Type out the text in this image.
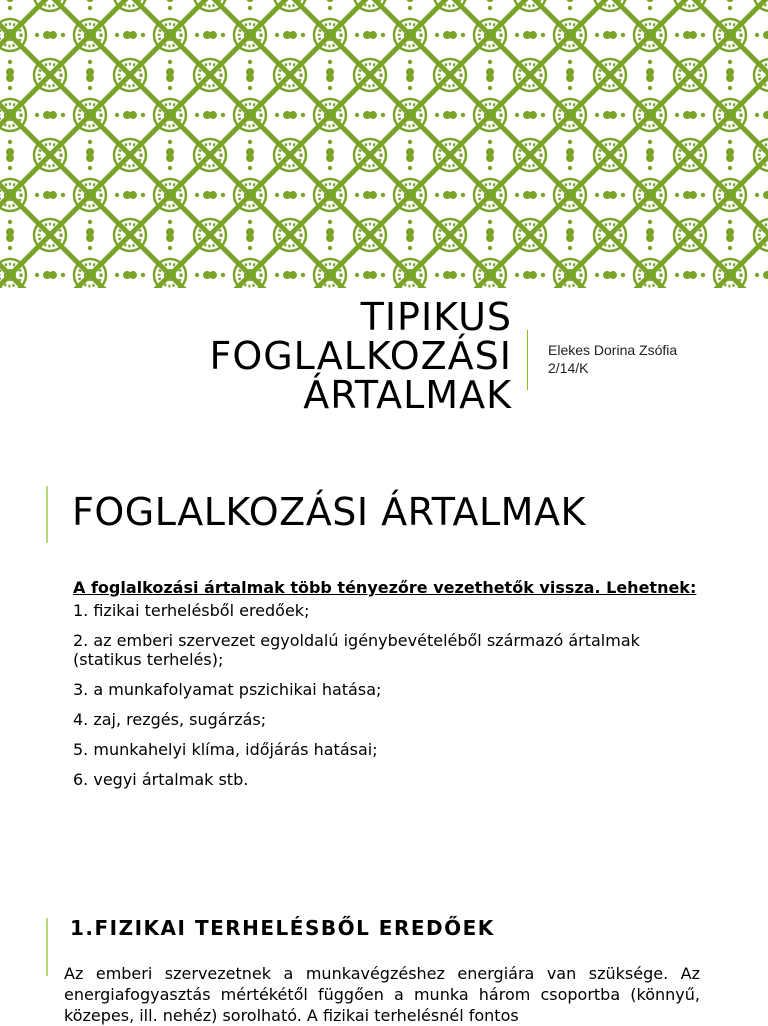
TIPIKUS
FOGLALKOZÁSI
ÁRTALMAK
Elekes Dorina Zsófia
2/14/K
FOGLALKOZÁSI ÁRTALMAK

A foglalkozási ártalmak több tényezőre vezethetők vissza. Lehetnek:

1. fizikai terhelésből eredőek;
2. az emberi szervezet egyoldalú igénybevételéből származó ártalmak (statikus terhelés);
3. a munkafolyamat pszichikai hatása;
4. zaj, rezgés, sugárzás;
5. munkahelyi klíma, időjárás hatásai;
6. vegyi ártalmak stb.
1.FIZIKAI TERHELÉSBŐL EREDŐEK

Az emberi szervezetnek a munkavégzéshez energiára van szüksége. Az energiafogyasztás mértékétől függően a munka három csoportba (könnyű, közepes, ill. nehéz) sorolható. A fizikai terhelésnél fontos
